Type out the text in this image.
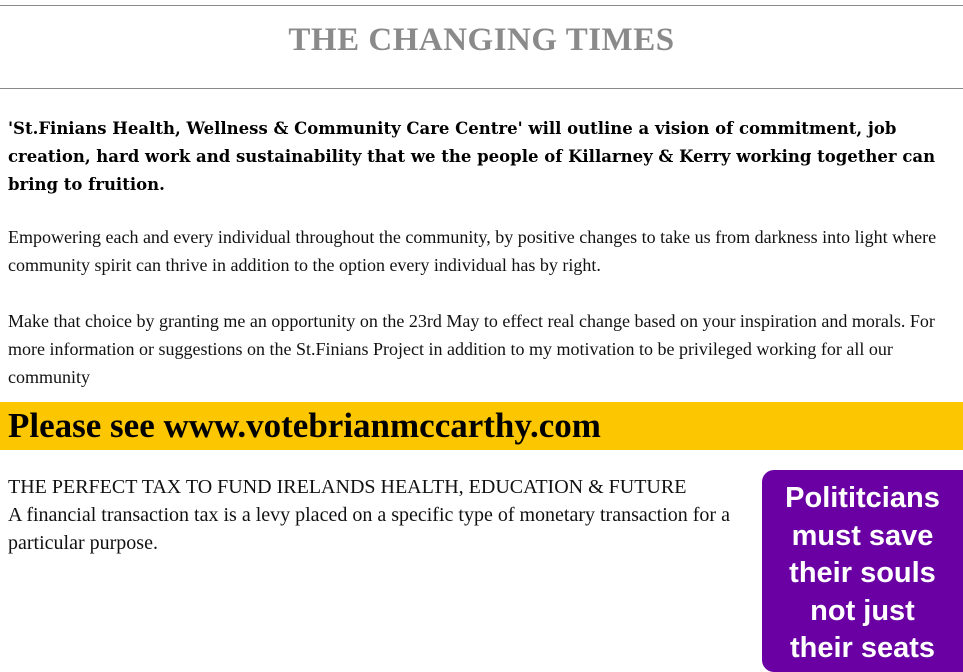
THE CHANGING TIMES
'St.Finians Health, Wellness & Community Care Centre' will outline a vision of commitment, job creation, hard work and sustainability that we the people of Killarney & Kerry working together can bring to fruition.
Empowering each and every individual throughout the community, by positive changes to take us from darkness into light where community spirit can thrive in addition to the option every individual has by right.
Make that choice by granting me an opportunity on the 23rd May to effect real change based on your inspiration and morals. For more information or suggestions on the St.Finians Project in addition to my motivation to be privileged working for all our community
Please see www.votebrianmccarthy.com
THE PERFECT TAX TO FUND IRELANDS HEALTH, EDUCATION & FUTURE
A financial transaction tax is a levy placed on a specific type of monetary transaction for a particular purpose.
Polititcians
must save
their souls
not just
their seats
